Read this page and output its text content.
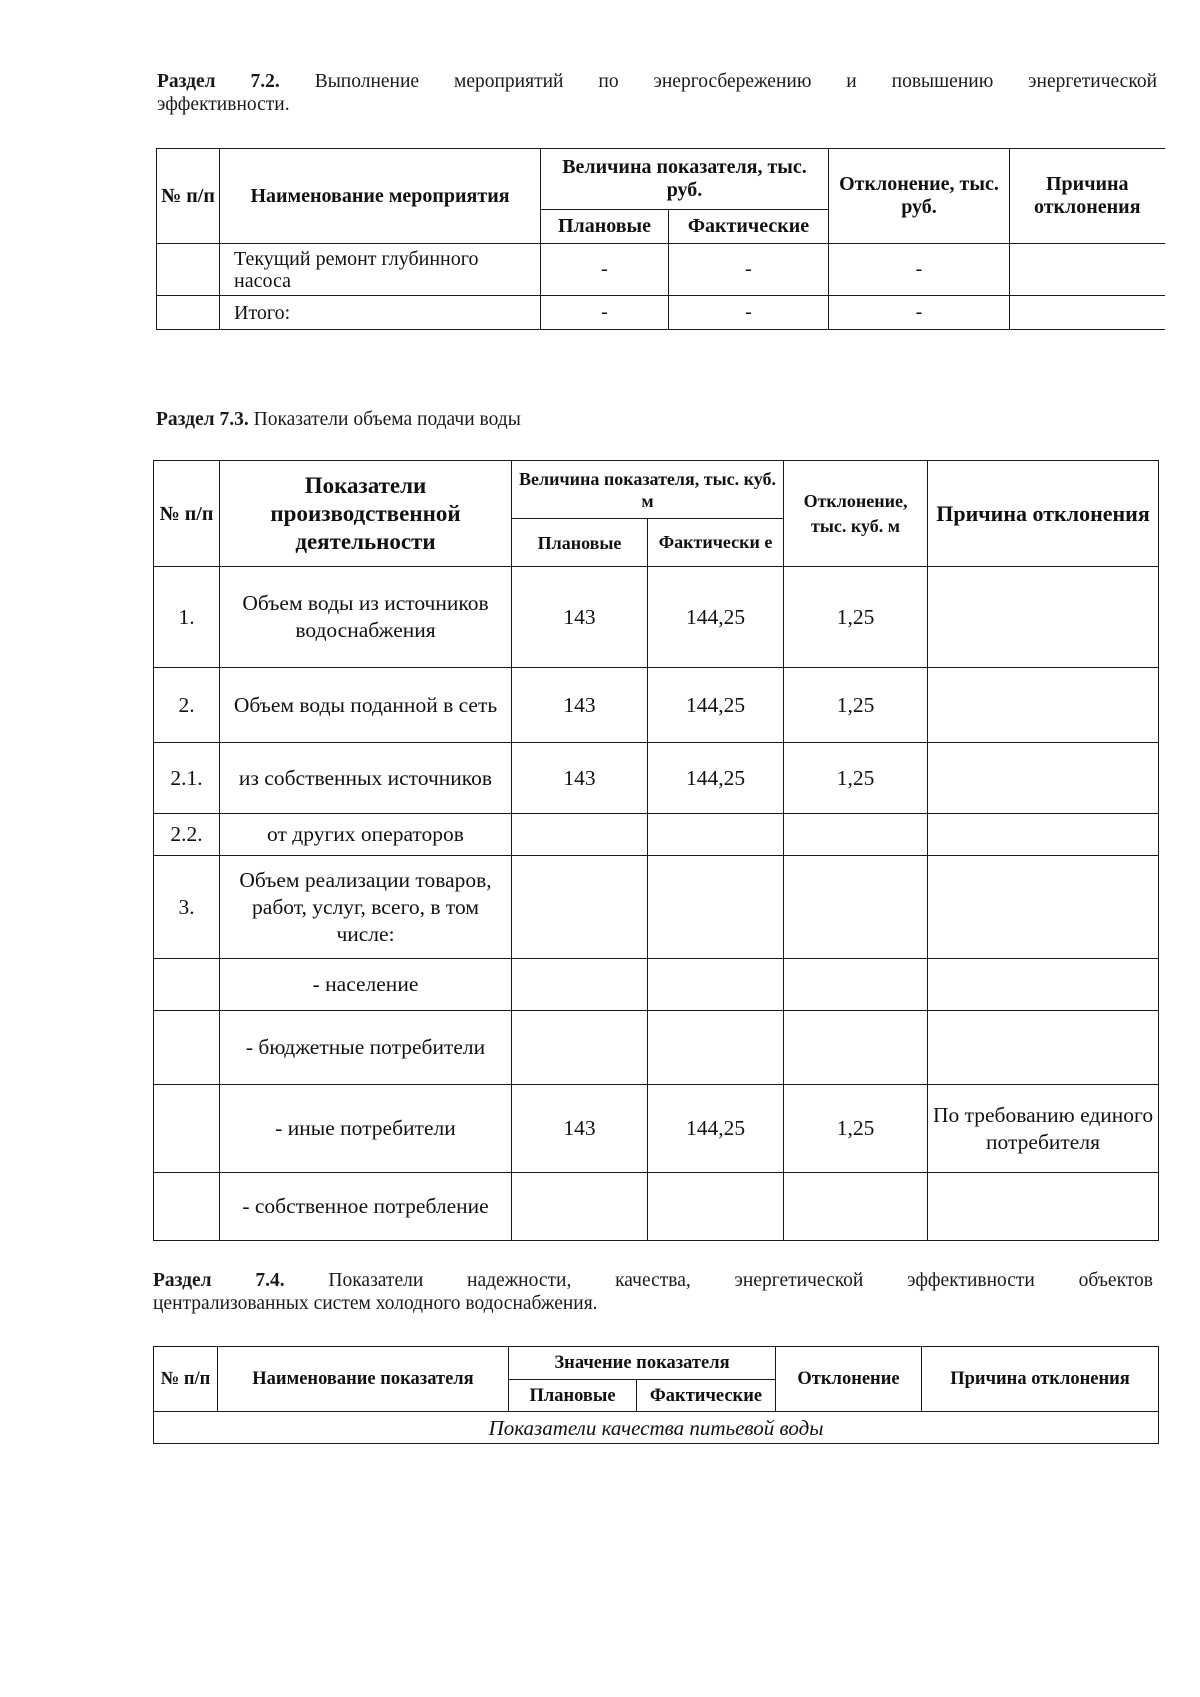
Раздел 7.2. Выполнение мероприятий по энергосбережению и повышению энергетической
эффективности.
№ п/п	Наименование мероприятия	Величина показателя, тыс. руб.		Отклонение, тыс. руб.	Причина отклонения
		Плановые	Фактические		
	Текущий ремонт глубинного насоса	-	-	-	
	Итого:	-	-	-	
Раздел 7.3. Показатели объема подачи воды
№ п/п	Показатели производственной деятельности	Величина показателя, тыс. куб. м		Отклонение, тыс. куб. м	Причина отклонения
		Плановые	Фактически е		
1.	Объем воды из источников водоснабжения	143	144,25	1,25	
2.	Объем воды поданной в сеть	143	144,25	1,25	
2.1.	из собственных источников	143	144,25	1,25	
2.2.	от других операторов				
3.	Объем реализации товаров, работ, услуг, всего, в том числе:				
	- население				
	- бюджетные потребители				
	- иные потребители	143	144,25	1,25	По требованию единого потребителя
	- собственное потребление				
Раздел 7.4. Показатели надежности, качества, энергетической эффективности объектов
централизованных систем холодного водоснабжения.
№ п/п	Наименование показателя	Значение показателя		Отклонение	Причина отклонения
		Плановые	Фактические		
Показатели качества питьевой воды					
